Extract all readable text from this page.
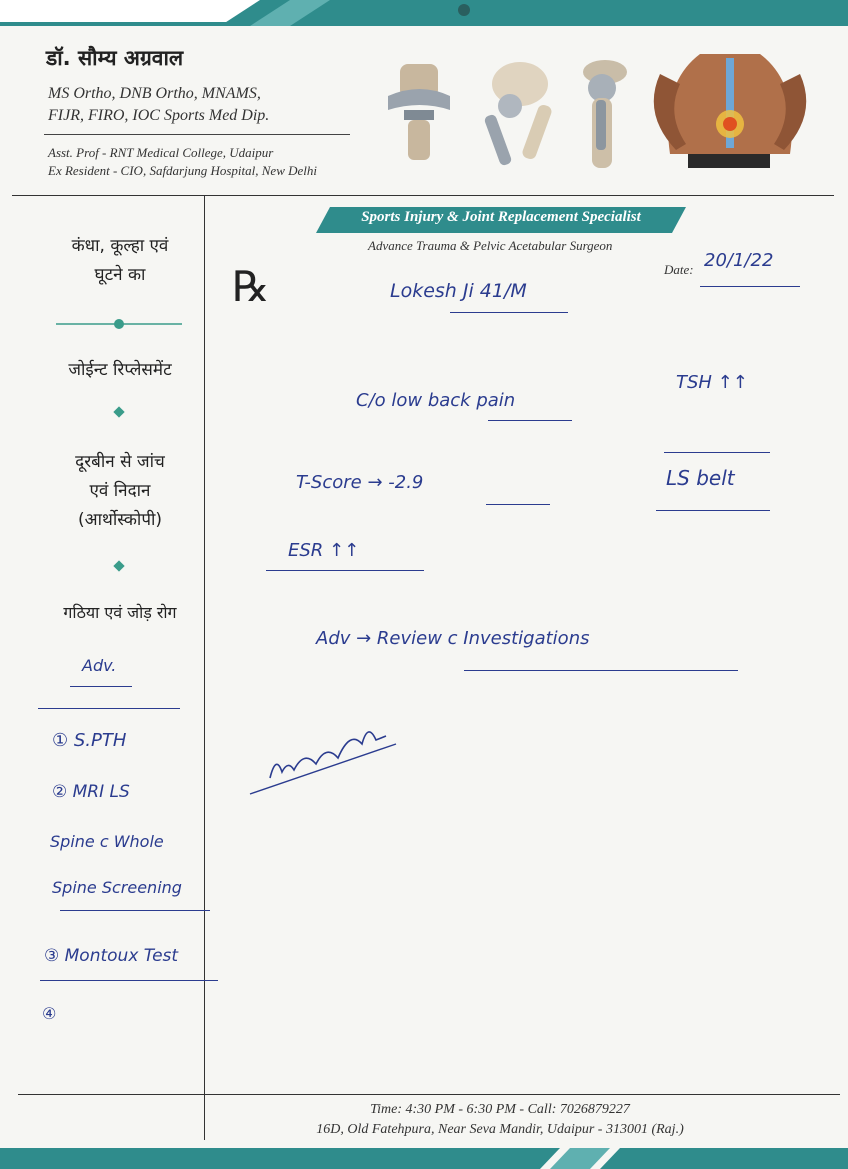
डॉ. सौम्य अग्रवाल
MS Ortho, DNB Ortho, MNAMS,
FIJR, FIRO, IOC Sports Med Dip.
Asst. Prof - RNT Medical College, Udaipur
Ex Resident - CIO, Safdarjung Hospital, New Delhi
Sports Injury & Joint Replacement Specialist
Advance Trauma & Pelvic Acetabular Surgeon
Date:
कंधा, कूल्हा एवं
घूटने का
जोईन्ट रिप्लेसमेंट
दूरबीन से जांच
एवं निदान
(आर्थोस्कोपी)
गठिया एवं जोड़ रोग
℞
20/1/22
Lokesh Ji 41/M
C/o low back pain
TSH ↑↑
T-Score → -2.9	LS belt
ESR ↑↑
Adv → Review c Investigations
Adv.
① S.PTH
② MRI LS
Spine c Whole
Spine Screening
③ Montoux Test
④
Time: 4:30 PM - 6:30 PM - Call: 7026879227
16D, Old Fatehpura, Near Seva Mandir, Udaipur - 313001 (Raj.)
